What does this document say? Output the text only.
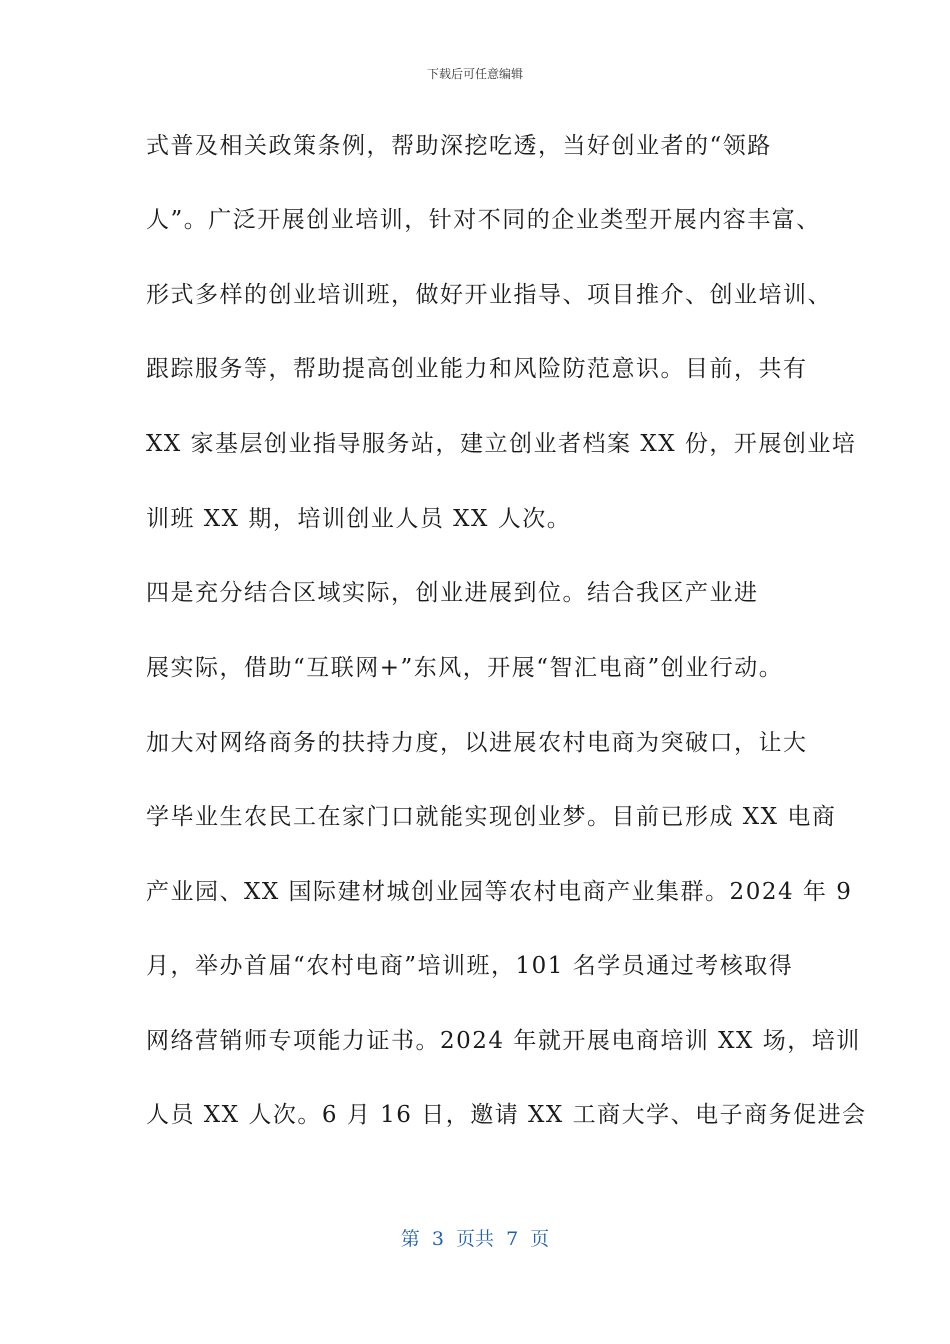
下载后可任意编辑
式普及相关政策条例，帮助深挖吃透，当好创业者的“领路
人”。广泛开展创业培训，针对不同的企业类型开展内容丰富、
形式多样的创业培训班，做好开业指导、项目推介、创业培训、
跟踪服务等，帮助提高创业能力和风险防范意识。目前，共有
XX 家基层创业指导服务站，建立创业者档案 XX 份，开展创业培
训班 XX 期，培训创业人员 XX 人次。
四是充分结合区域实际，创业进展到位。结合我区产业进
展实际，借助“互联网+”东风，开展“智汇电商”创业行动。
加大对网络商务的扶持力度，以进展农村电商为突破口，让大
学毕业生农民工在家门口就能实现创业梦。目前已形成 XX 电商
产业园、XX 国际建材城创业园等农村电商产业集群。2024 年 9
月，举办首届“农村电商”培训班，101 名学员通过考核取得
网络营销师专项能力证书。2024 年就开展电商培训 XX 场，培训
人员 XX 人次。6 月 16 日，邀请 XX 工商大学、电子商务促进会
第  3  页共  7  页
